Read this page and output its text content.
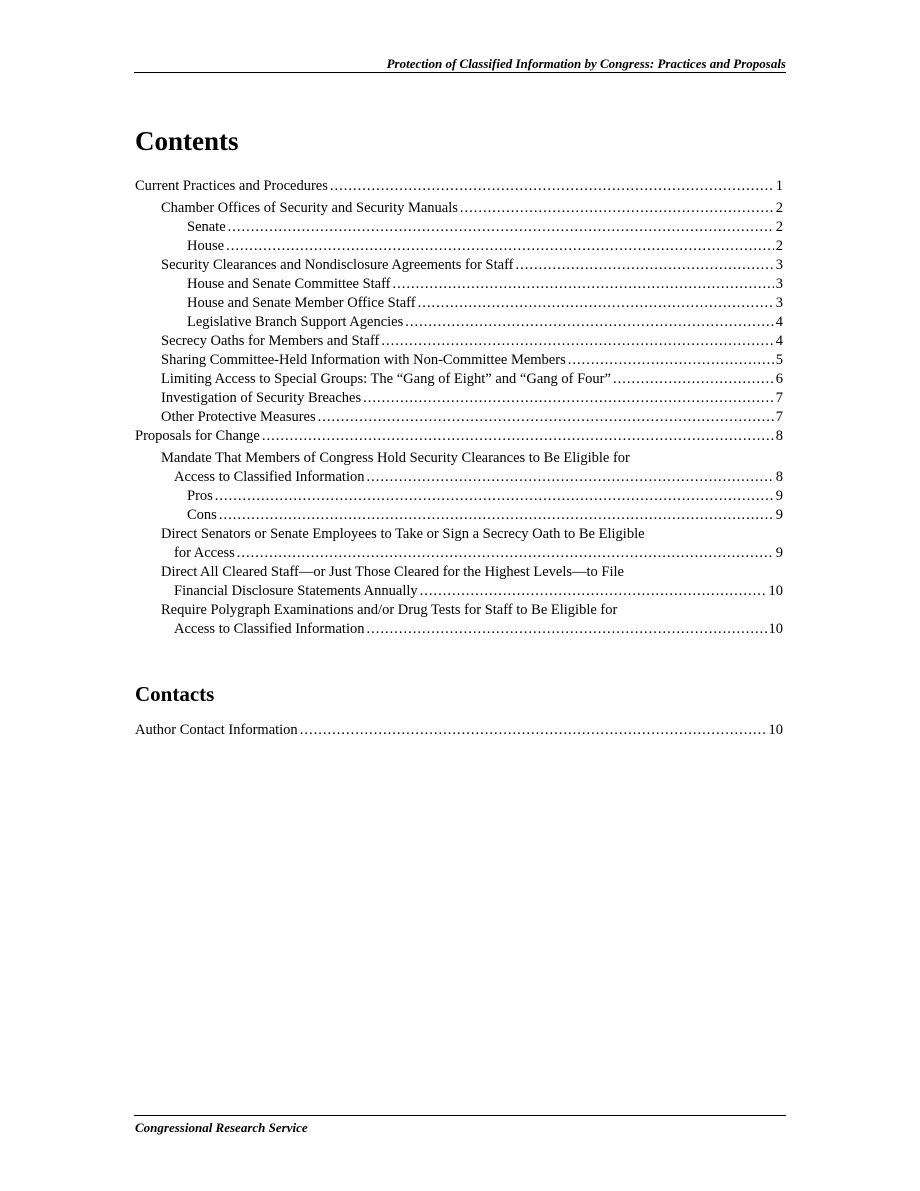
Protection of Classified Information by Congress: Practices and Proposals
Contents
Current Practices and Procedures .....	1
Chamber Offices of Security and Security Manuals .....	2
Senate .....	2
House .....	2
Security Clearances and Nondisclosure Agreements for Staff .....	3
House and Senate Committee Staff .....	3
House and Senate Member Office Staff .....	3
Legislative Branch Support Agencies .....	4
Secrecy Oaths for Members and Staff .....	4
Sharing Committee-Held Information with Non-Committee Members .....	5
Limiting Access to Special Groups: The “Gang of Eight” and “Gang of Four” .....	6
Investigation of Security Breaches .....	7
Other Protective Measures .....	7
Proposals for Change .....	8
Mandate That Members of Congress Hold Security Clearances to Be Eligible for
Access to Classified Information .....	8
Pros .....	9
Cons .....	9
Direct Senators or Senate Employees to Take or Sign a Secrecy Oath to Be Eligible
for Access .....	9
Direct All Cleared Staff—or Just Those Cleared for the Highest Levels—to File
Financial Disclosure Statements Annually .....	10
Require Polygraph Examinations and/or Drug Tests for Staff to Be Eligible for
Access to Classified Information .....	10
Contacts
Author Contact Information .....	10
Congressional Research Service
